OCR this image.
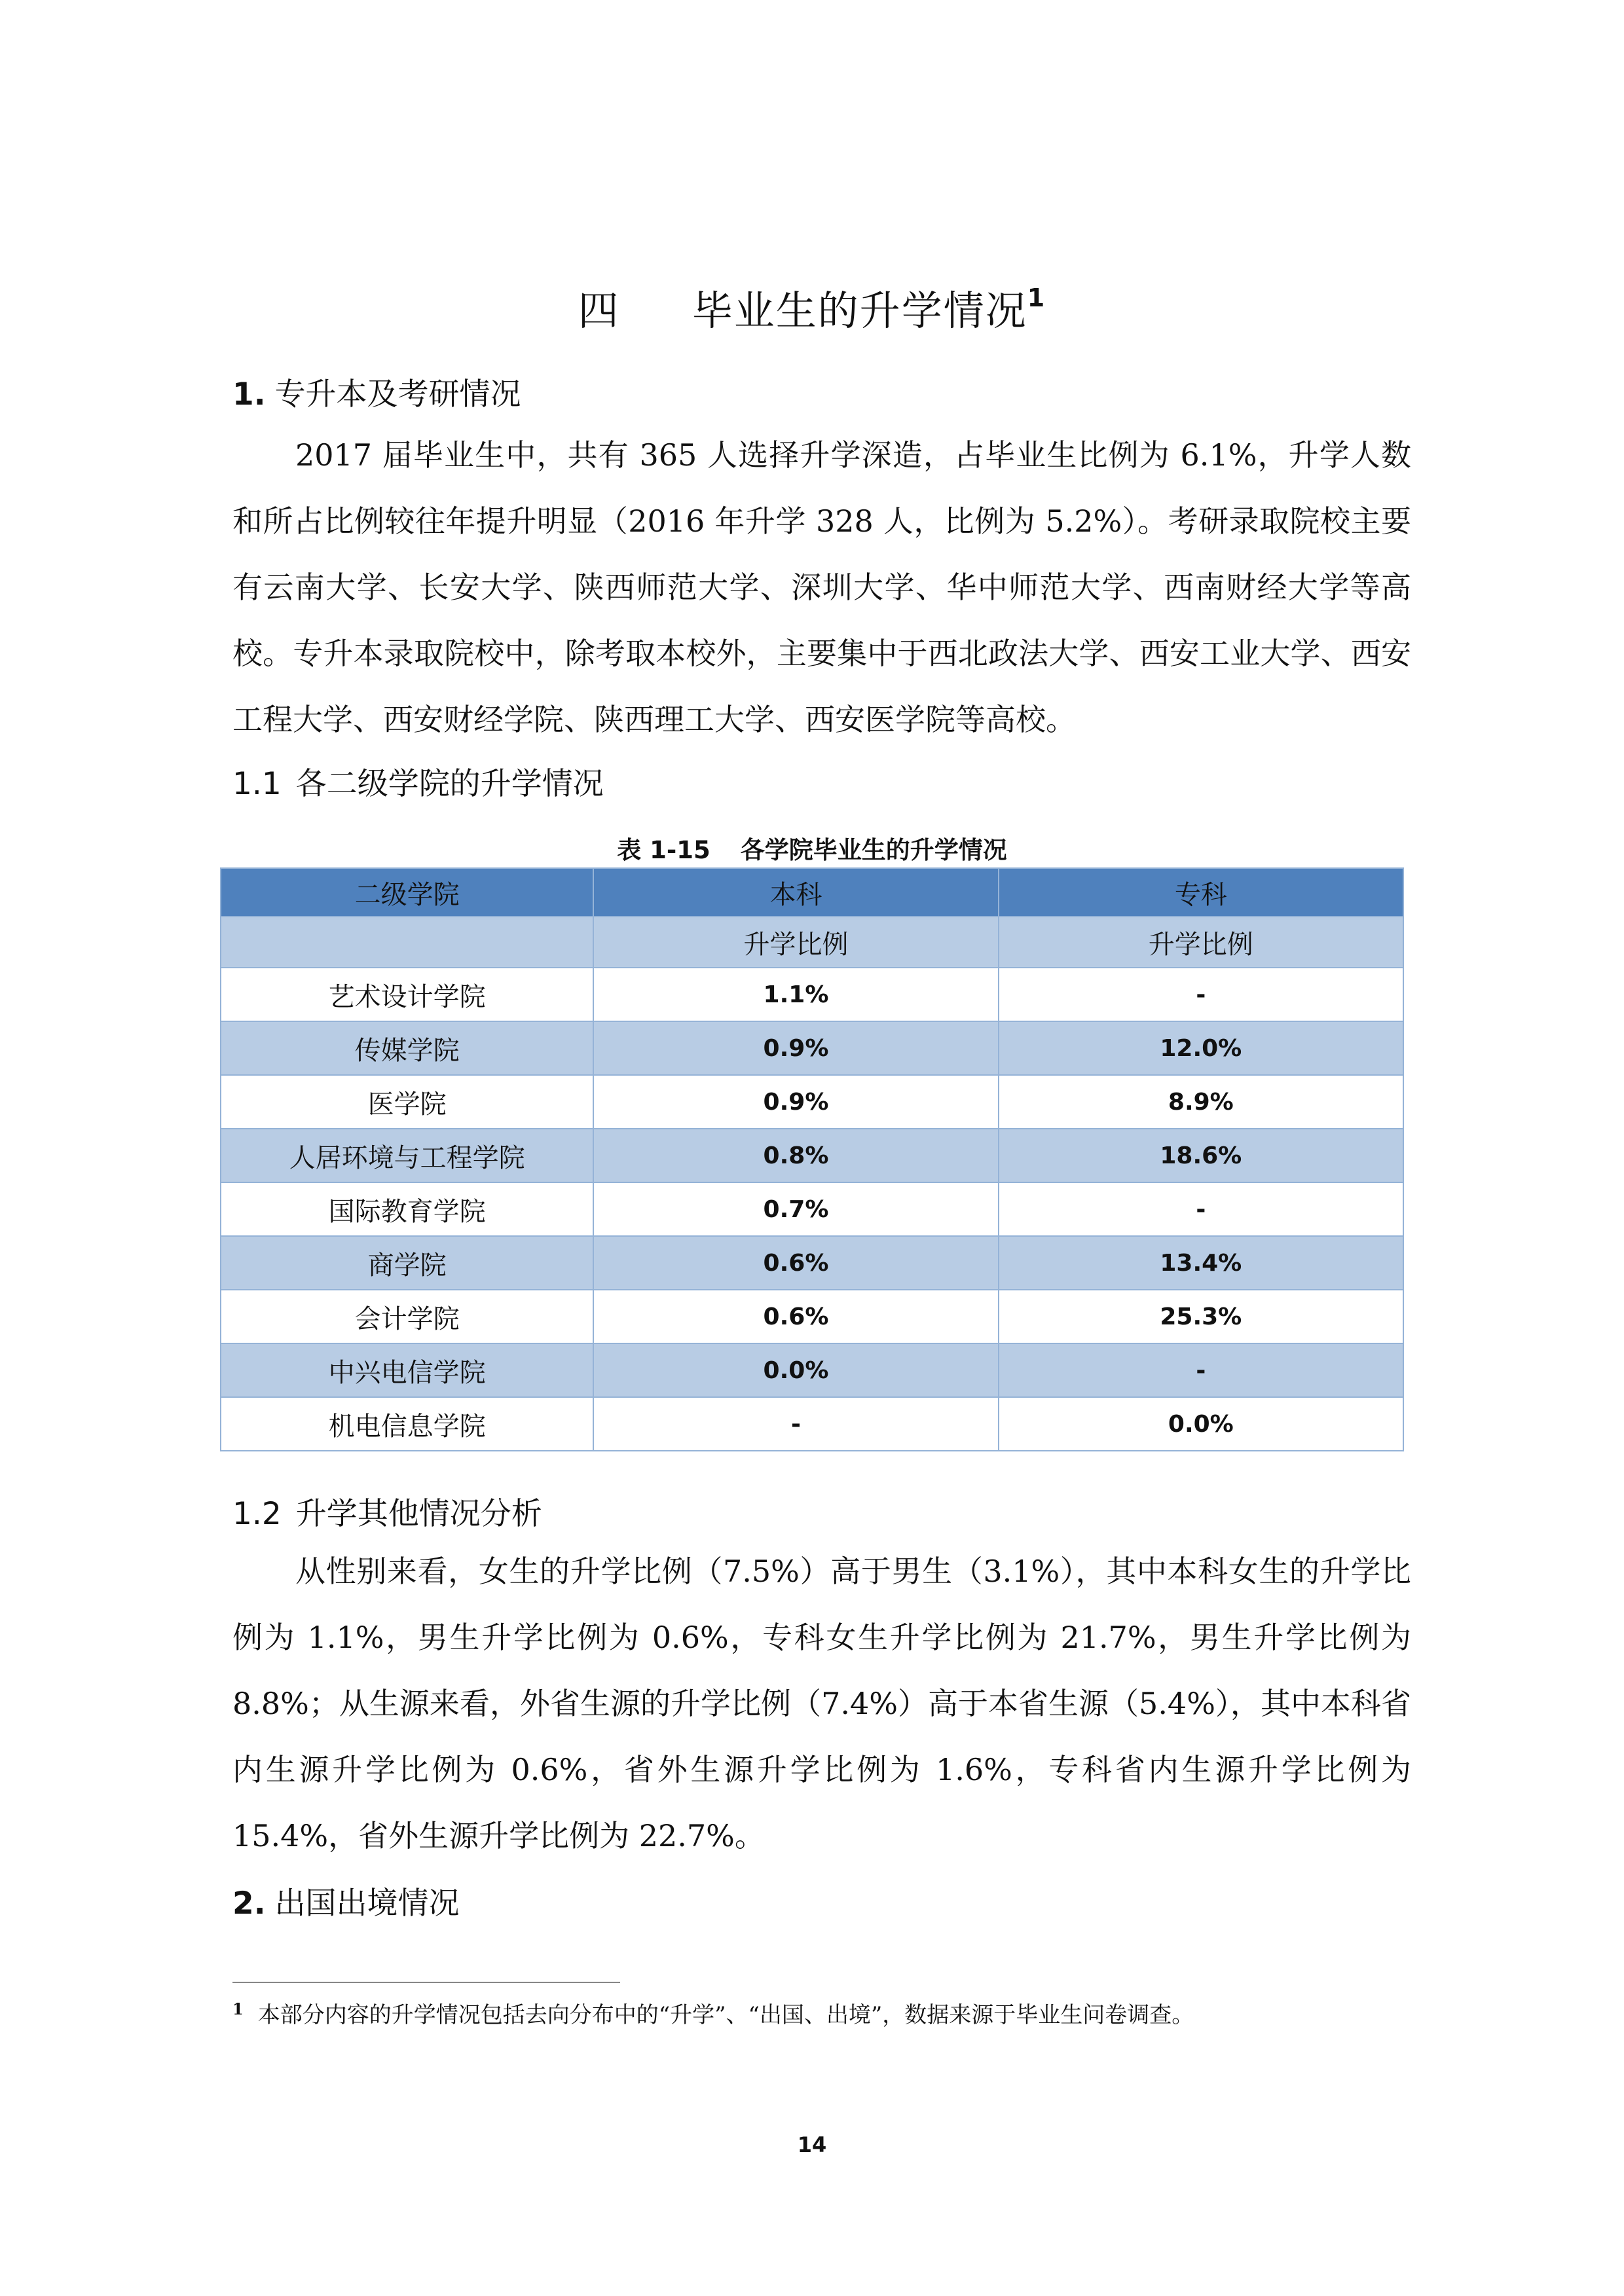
四 毕业生的升学情况$^1$
1. 专升本及考研情况

2017 届毕业生中，共有 365 人选择升学深造，占毕业生比例为 6.1%，升学人数和所占比例较往年提升明显（2016 年升学 328 人，比例为 5.2%）。考研录取院校主要有云南大学、长安大学、陕西师范大学、深圳大学、华中师范大学、西南财经大学等高校。专升本录取院校中，除考取本校外，主要集中于西北政法大学、西安工业大学、西安工程大学、西安财经学院、陕西理工大学、西安医学院等高校。

1.1 各二级学院的升学情况
表 1-15 各学院毕业生的升学情况
二级学院	本科	专科
	升学比例	升学比例
艺术设计学院	1.1%	-
传媒学院	0.9%	12.0%
医学院	0.9%	8.9%
人居环境与工程学院	0.8%	18.6%
国际教育学院	0.7%	-
商学院	0.6%	13.4%
会计学院	0.6%	25.3%
中兴电信学院	0.0%	-
机电信息学院	-	0.0%
1.2 升学其他情况分析

从性别来看，女生的升学比例（7.5%）高于男生（3.1%），其中本科女生的升学比例为 1.1%，男生升学比例为 0.6%，专科女生升学比例为 21.7%，男生升学比例为 8.8%；从生源来看，外省生源的升学比例（7.4%）高于本省生源（5.4%），其中本科省内生源升学比例为 0.6%，省外生源升学比例为 1.6%，专科省内生源升学比例为 15.4%，省外生源升学比例为 22.7%。

2. 出国出境情况
$^1$ 本部分内容的升学情况包括去向分布中的“升学”、“出国、出境”，数据来源于毕业生问卷调查。
14
